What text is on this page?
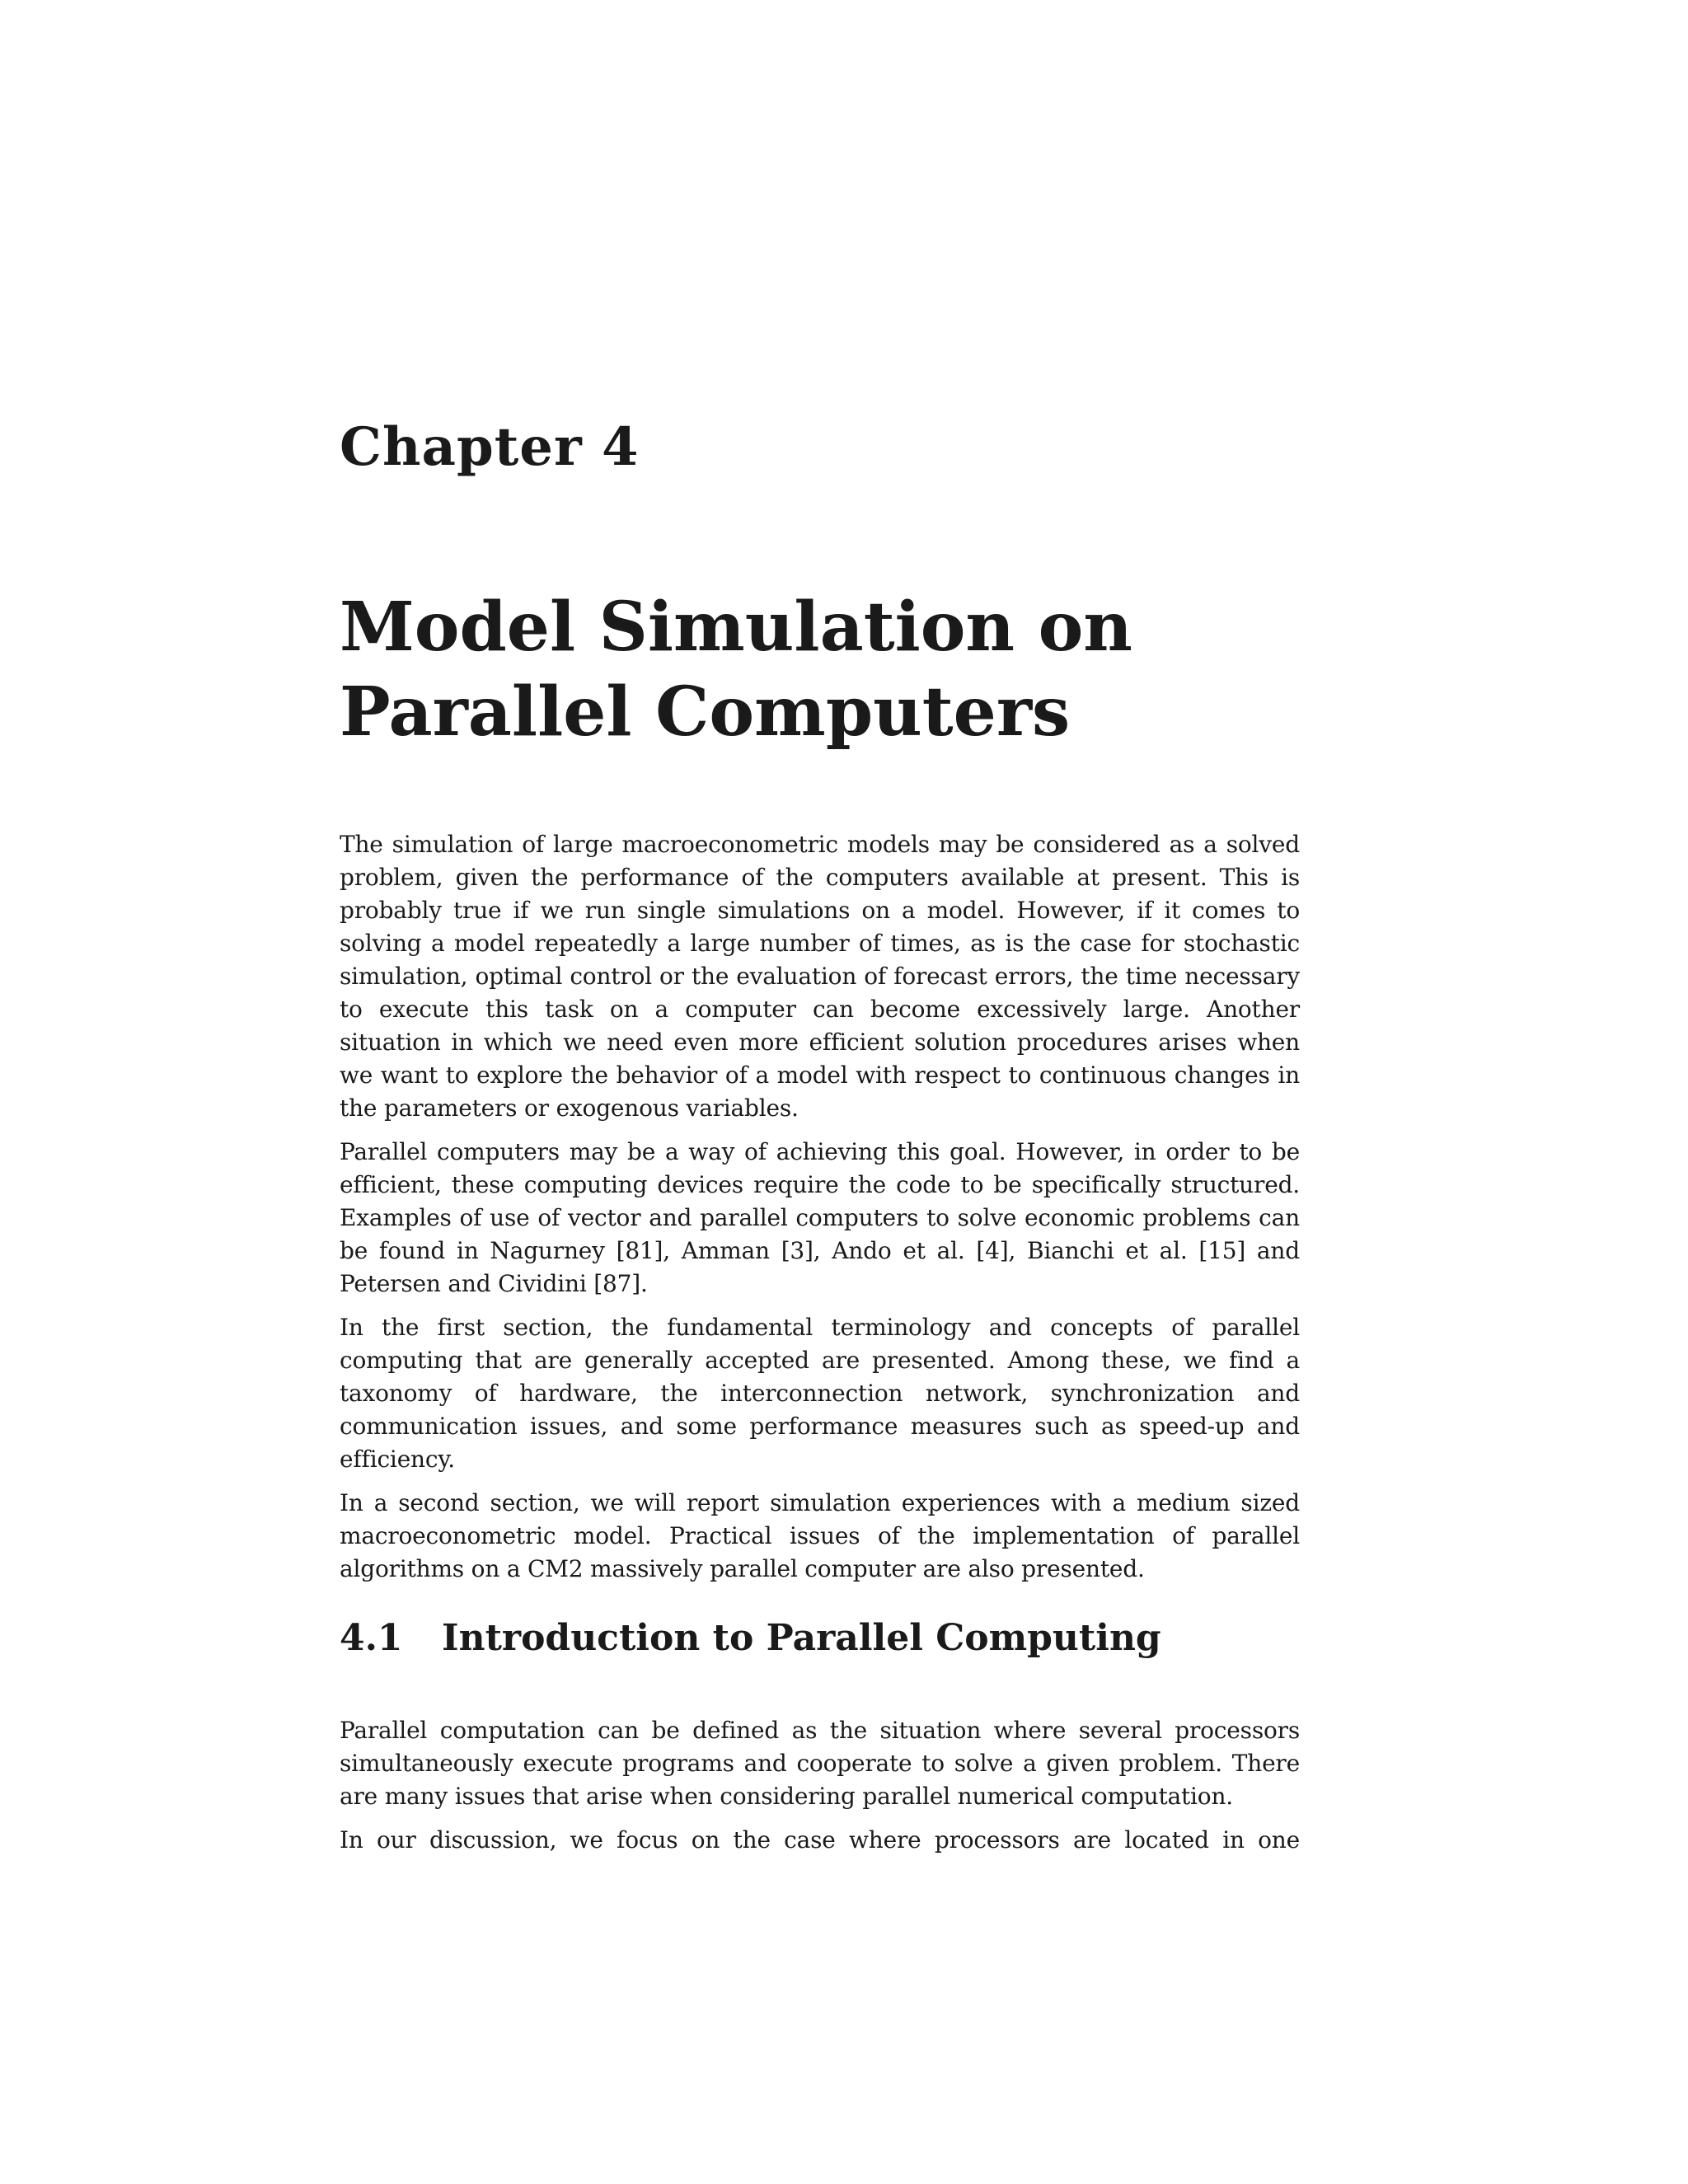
Chapter 4
Model Simulation on
Parallel Computers

The simulation of large macroeconometric models may be considered as a solved problem, given the performance of the computers available at present. This is probably true if we run single simulations on a model. However, if it comes to solving a model repeatedly a large number of times, as is the case for stochastic simulation, optimal control or the evaluation of forecast errors, the time necessary to execute this task on a computer can become excessively large. Another situation in which we need even more efficient solution procedures arises when we want to explore the behavior of a model with respect to continuous changes in the parameters or exogenous variables.

Parallel computers may be a way of achieving this goal. However, in order to be efficient, these computing devices require the code to be specifically structured. Examples of use of vector and parallel computers to solve economic problems can be found in Nagurney [81], Amman [3], Ando et al. [4], Bianchi et al. [15] and Petersen and Cividini [87].

In the first section, the fundamental terminology and concepts of parallel computing that are generally accepted are presented. Among these, we find a taxonomy of hardware, the interconnection network, synchronization and communication issues, and some performance measures such as speed-up and efficiency.

In a second section, we will report simulation experiences with a medium sized macroeconometric model. Practical issues of the implementation of parallel algorithms on a CM2 massively parallel computer are also presented.

4.1 Introduction to Parallel Computing

Parallel computation can be defined as the situation where several processors simultaneously execute programs and cooperate to solve a given problem. There are many issues that arise when considering parallel numerical computation.

In our discussion, we focus on the case where processors are located in one
